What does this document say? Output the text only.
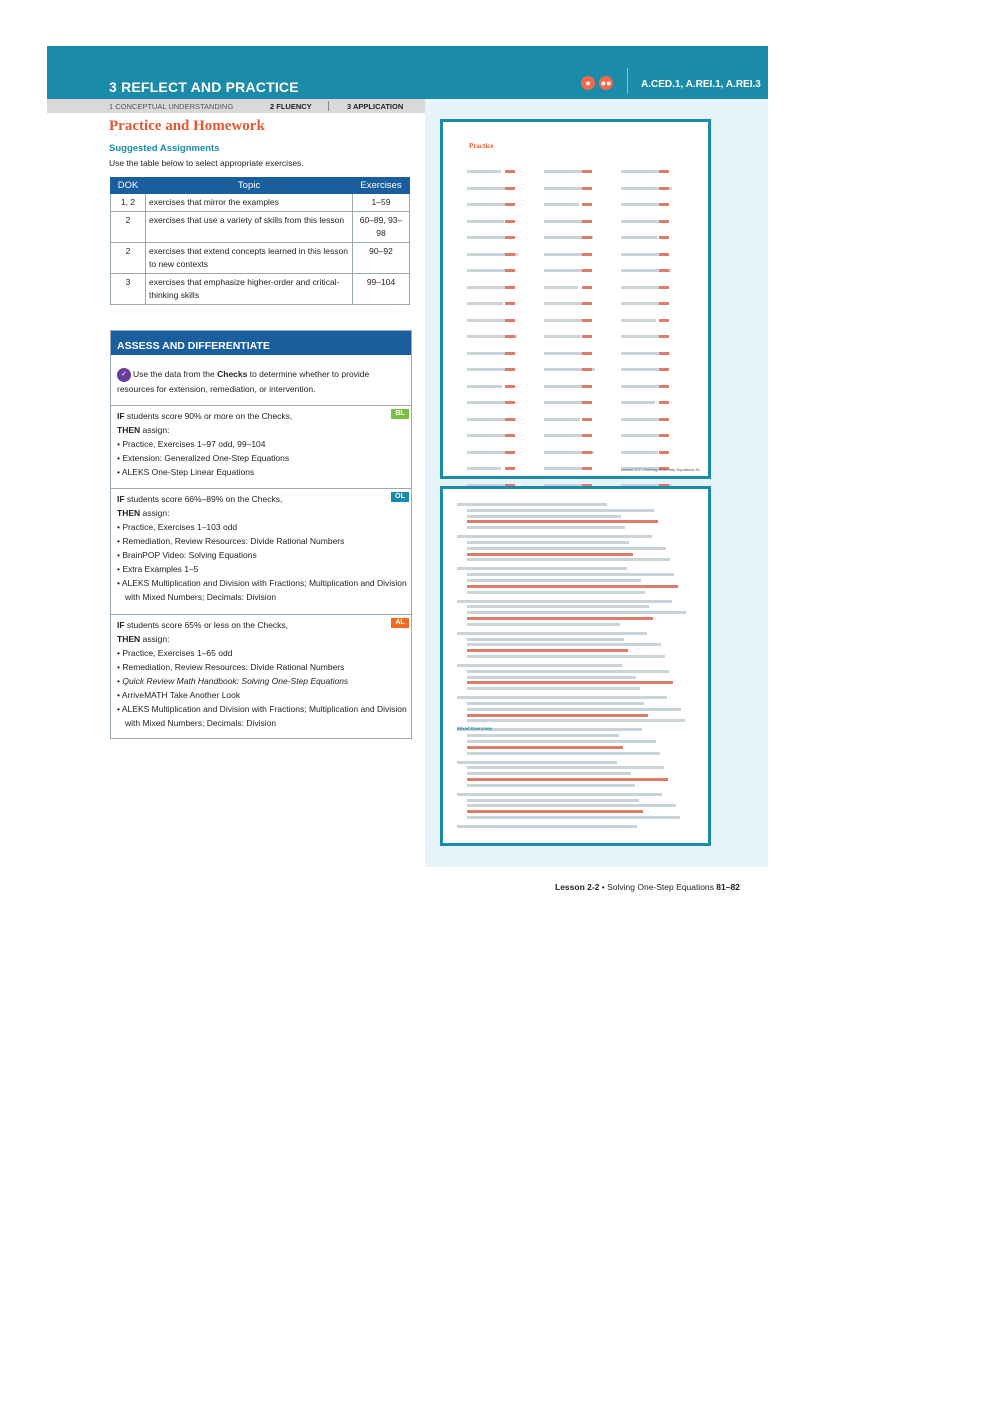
3 REFLECT AND PRACTICE	●	●●	A.CED.1, A.REI.1, A.REI.3
1 CONCEPTUAL UNDERSTANDING	2 FLUENCY	3 APPLICATION
Practice and Homework
Suggested Assignments
Use the table below to select appropriate exercises.
DOK	Topic	Exercises
1, 2	exercises that mirror the examples	1–59
2	exercises that use a variety of skills from this lesson	60–89, 93–98
2	exercises that extend concepts learned in this lesson to new contexts	90–92
3	exercises that emphasize higher-order and critical-thinking skills	99–104
ASSESS AND DIFFERENTIATE
✓ Use the data from the Checks to determine whether to provide resources for extension, remediation, or intervention.
BL
IF students score 90% or more on the Checks,
THEN assign:
• Practice, Exercises 1–97 odd, 99–104
• Extension: Generalized One-Step Equations
• ALEKS One-Step Linear Equations
OL
IF students score 66%–89% on the Checks,
THEN assign:
• Practice, Exercises 1–103 odd
• Remediation, Review Resources: Divide Rational Numbers
• BrainPOP Video: Solving Equations
• Extra Examples 1–5
• ALEKS Multiplication and Division with Fractions; Multiplication and Division with Mixed Numbers; Decimals: Division
AL
IF students score 65% or less on the Checks,
THEN assign:
• Practice, Exercises 1–65 odd
• Remediation, Review Resources: Divide Rational Numbers
• Quick Review Math Handbook: Solving One-Step Equations
• ArriveMATH Take Another Look
• ALEKS Multiplication and Division with Fractions; Multiplication and Division with Mixed Numbers; Decimals: Division
Practice
Lesson 2-2 • Solving One-Step Equations 81
Mixed Exercises
Lesson 2-2 • Solving One-Step Equations 81–82
